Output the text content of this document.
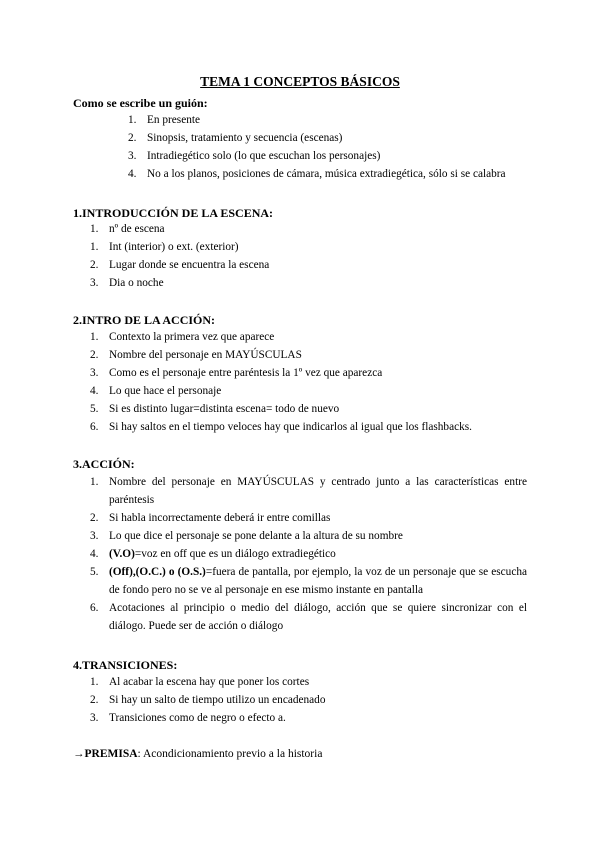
TEMA 1 CONCEPTOS BÁSICOS
Como se escribe un guión:
1. En presente
2. Sinopsis, tratamiento y secuencia (escenas)
3. Intradiegético solo (lo que escuchan los personajes)
4. No a los planos, posiciones de cámara, música extradiegética, sólo si se calabra
1.INTRODUCCIÓN DE LA ESCENA:
1. nº de escena
1. Int (interior) o ext. (exterior)
2. Lugar donde se encuentra la escena
3. Dia o noche
2.INTRO DE LA ACCIÓN:
1. Contexto la primera vez que aparece
2. Nombre del personaje en MAYÚSCULAS
3. Como es el personaje entre paréntesis la 1º vez que aparezca
4. Lo que hace el personaje
5. Si es distinto lugar=distinta escena= todo de nuevo
6. Si hay saltos en el tiempo veloces hay que indicarlos al igual que los flashbacks.
3.ACCIÓN:
1. Nombre del personaje en MAYÚSCULAS y centrado junto a las características entre paréntesis
2. Si habla incorrectamente deberá ir entre comillas
3. Lo que dice el personaje se pone delante a la altura de su nombre
4. (V.O)=voz en off que es un diálogo extradiegético
5. (Off),(O.C.) o (O.S.)=fuera de pantalla, por ejemplo, la voz de un personaje que se escucha de fondo pero no se ve al personaje en ese mismo instante en pantalla
6. Acotaciones al principio o medio del diálogo, acción que se quiere sincronizar con el diálogo. Puede ser de acción o diálogo
4.TRANSICIONES:
1. Al acabar la escena hay que poner los cortes
2. Si hay un salto de tiempo utilizo un encadenado
3. Transiciones como de negro o efecto a.
→PREMISA: Acondicionamiento previo a la historia
